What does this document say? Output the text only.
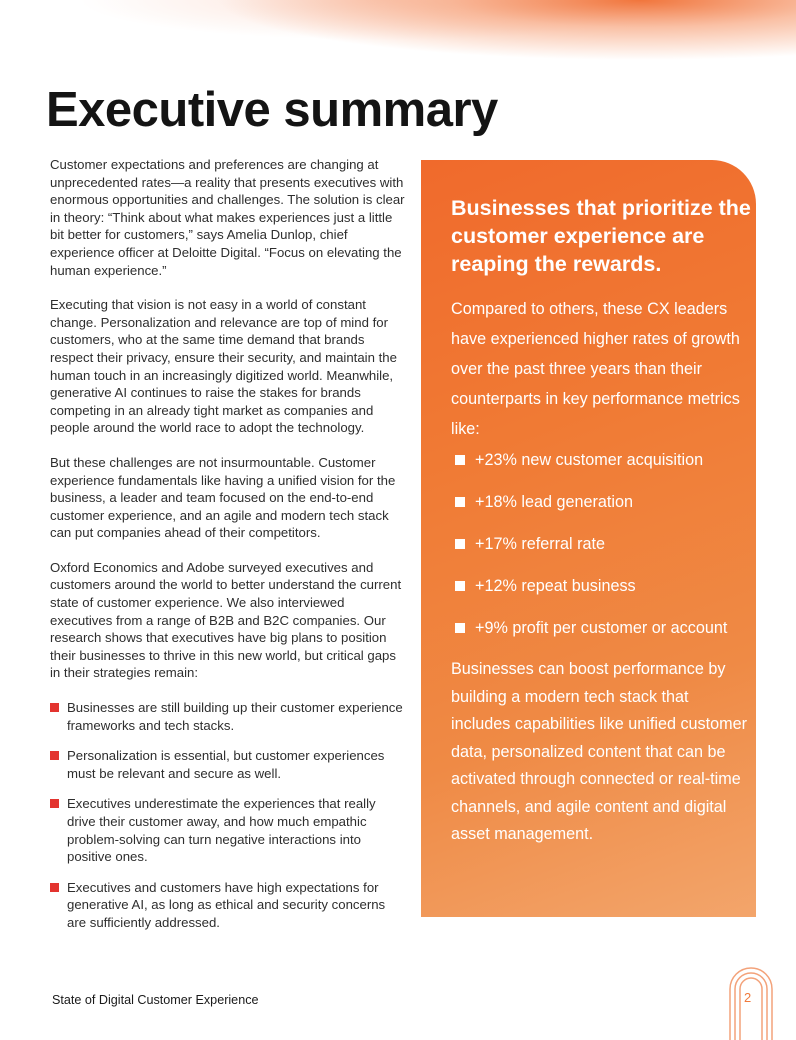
Executive summary

Customer expectations and preferences are changing at unprecedented rates—a reality that presents executives with enormous opportunities and challenges. The solution is clear in theory: “Think about what makes experiences just a little bit better for customers,” says Amelia Dunlop, chief experience officer at Deloitte Digital. “Focus on elevating the human experience.”

Executing that vision is not easy in a world of constant change. Personalization and relevance are top of mind for customers, who at the same time demand that brands respect their privacy, ensure their security, and maintain the human touch in an increasingly digitized world. Meanwhile, generative AI continues to raise the stakes for brands competing in an already tight market as companies and people around the world race to adopt the technology.

But these challenges are not insurmountable. Customer experience fundamentals like having a unified vision for the business, a leader and team focused on the end-to-end customer experience, and an agile and modern tech stack can put companies ahead of their competitors.

Oxford Economics and Adobe surveyed executives and customers around the world to better understand the current state of customer experience. We also interviewed executives from a range of B2B and B2C companies. Our research shows that executives have big plans to position their businesses to thrive in this new world, but critical gaps in their strategies remain:

Businesses are still building up their customer experience frameworks and tech stacks.
Personalization is essential, but customer experiences must be relevant and secure as well.
Executives underestimate the experiences that really drive their customer away, and how much empathic problem-solving can turn negative interactions into positive ones.
Executives and customers have high expectations for generative AI, as long as ethical and security concerns are sufficiently addressed.
Businesses that prioritize the customer experience are reaping the rewards.

Compared to others, these CX leaders have experienced higher rates of growth over the past three years than their counterparts in key performance metrics like:

+23% new customer acquisition
+18% lead generation
+17% referral rate
+12% repeat business
+9% profit per customer or account

Businesses can boost performance by building a modern tech stack that includes capabilities like unified customer data, personalized content that can be activated through connected or real-time channels, and agile content and digital asset management.

State of Digital Customer Experience	2
